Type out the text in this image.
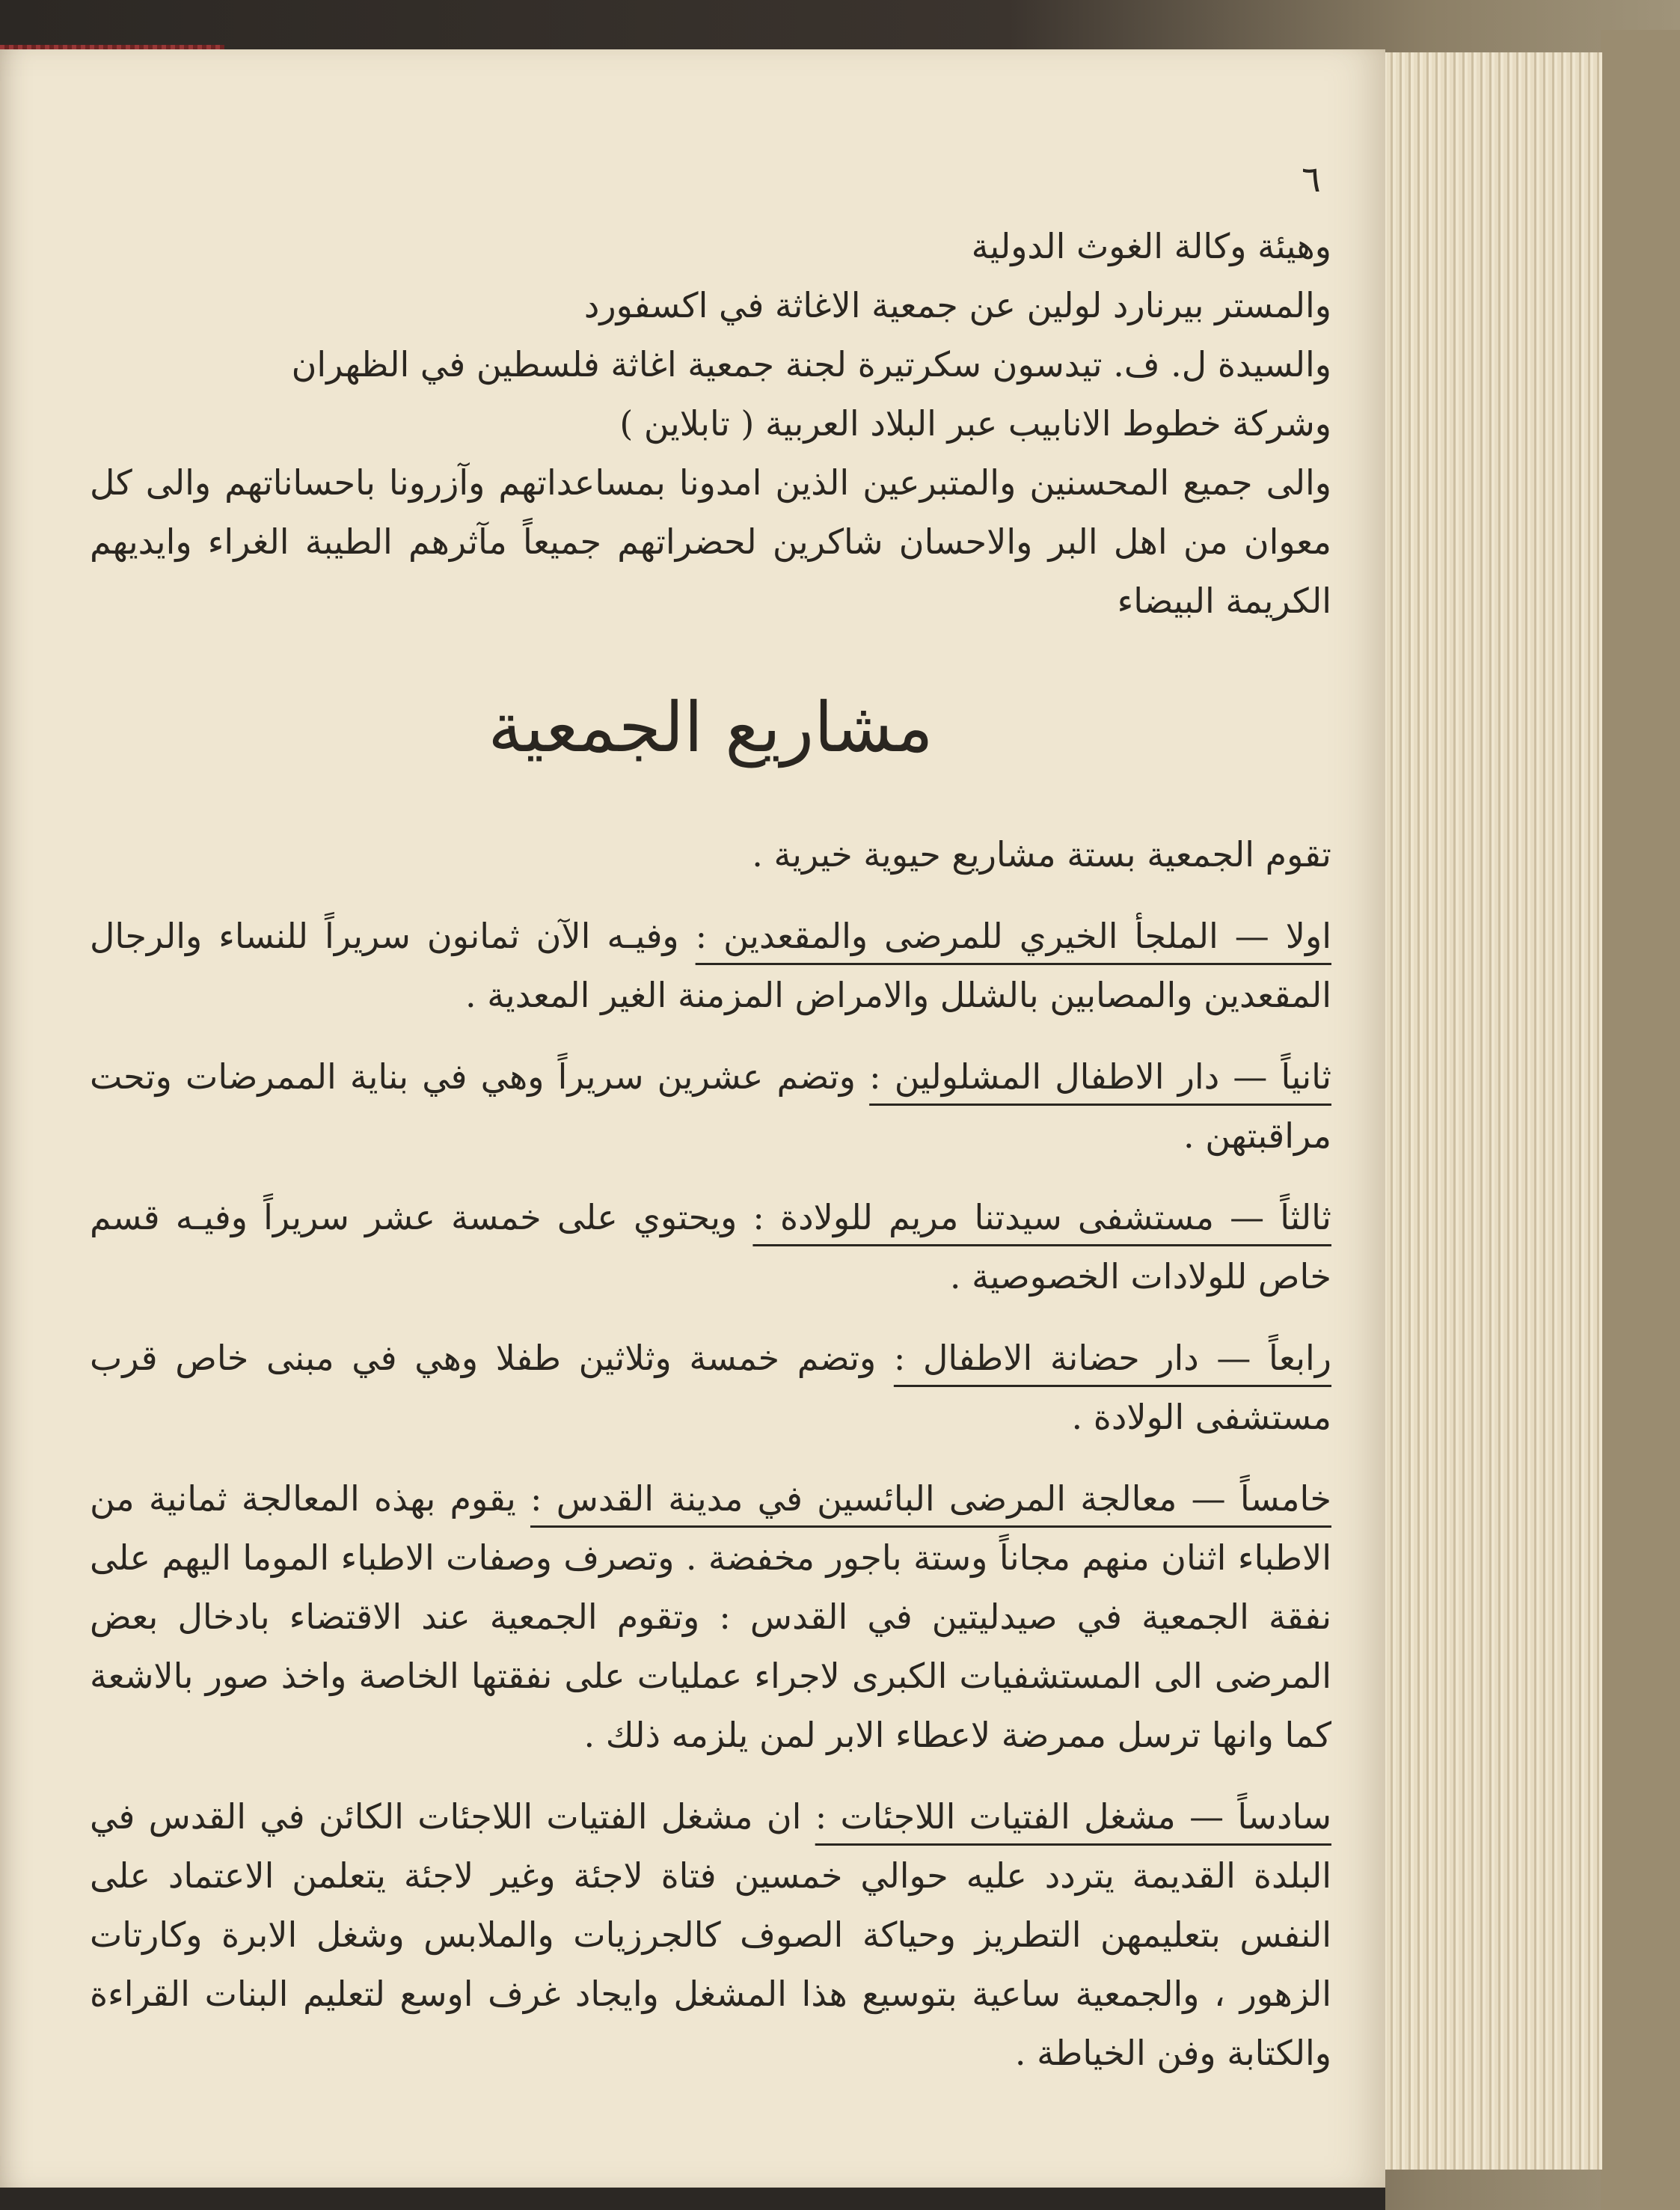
٦

وهيئة وكالة الغوث الدولية

والمستر بيرنارد لولين عن جمعية الاغاثة في اكسفورد

والسيدة ل. ف. تيدسون سكرتيرة لجنة جمعية اغاثة فلسطين في الظهران

وشركة خطوط الانابيب عبر البلاد العربية ( تابلاين )

والى جميع المحسنين والمتبرعين الذين امدونا بمساعداتهم وآزرونا باحساناتهم والى كل معوان من اهل البر والاحسان شاكرين لحضراتهم جميعاً مآثرهم الطيبة الغراء وايديهم الكريمة البيضاء

مشاريع الجمعية

تقوم الجمعية بستة مشاريع حيوية خيرية .

اولا — الملجأ الخيري للمرضى والمقعدين : وفيـه الآن ثمانون سريراً للنساء والرجال المقعدين والمصابين بالشلل والامراض المزمنة الغير المعدية .

ثانياً — دار الاطفال المشلولين : وتضم عشرين سريراً وهي في بناية الممرضات وتحت مراقبتهن .

ثالثاً — مستشفى سيدتنا مريم للولادة : ويحتوي على خمسة عشر سريراً وفيـه قسم خاص للولادات الخصوصية .

رابعاً — دار حضانة الاطفال : وتضم خمسة وثلاثين طفلا وهي في مبنى خاص قرب مستشفى الولادة .

خامساً — معالجة المرضى البائسين في مدينة القدس : يقوم بهذه المعالجة ثمانية من الاطباء اثنان منهم مجاناً وستة باجور مخفضة . وتصرف وصفات الاطباء الموما اليهم على نفقة الجمعية في صيدليتين في القدس : وتقوم الجمعية عند الاقتضاء بادخال بعض المرضى الى المستشفيات الكبرى لاجراء عمليات على نفقتها الخاصة واخذ صور بالاشعة كما وانها ترسل ممرضة لاعطاء الابر لمن يلزمه ذلك .

سادساً — مشغل الفتيات اللاجئات : ان مشغل الفتيات اللاجئات الكائن في القدس في البلدة القديمة يتردد عليه حوالي خمسين فتاة لاجئة وغير لاجئة يتعلمن الاعتماد على النفس بتعليمهن التطريز وحياكة الصوف كالجرزيات والملابس وشغل الابرة وكارتات الزهور ، والجمعية ساعية بتوسيع هذا المشغل وايجاد غرف اوسع لتعليم البنات القراءة والكتابة وفن الخياطة .
